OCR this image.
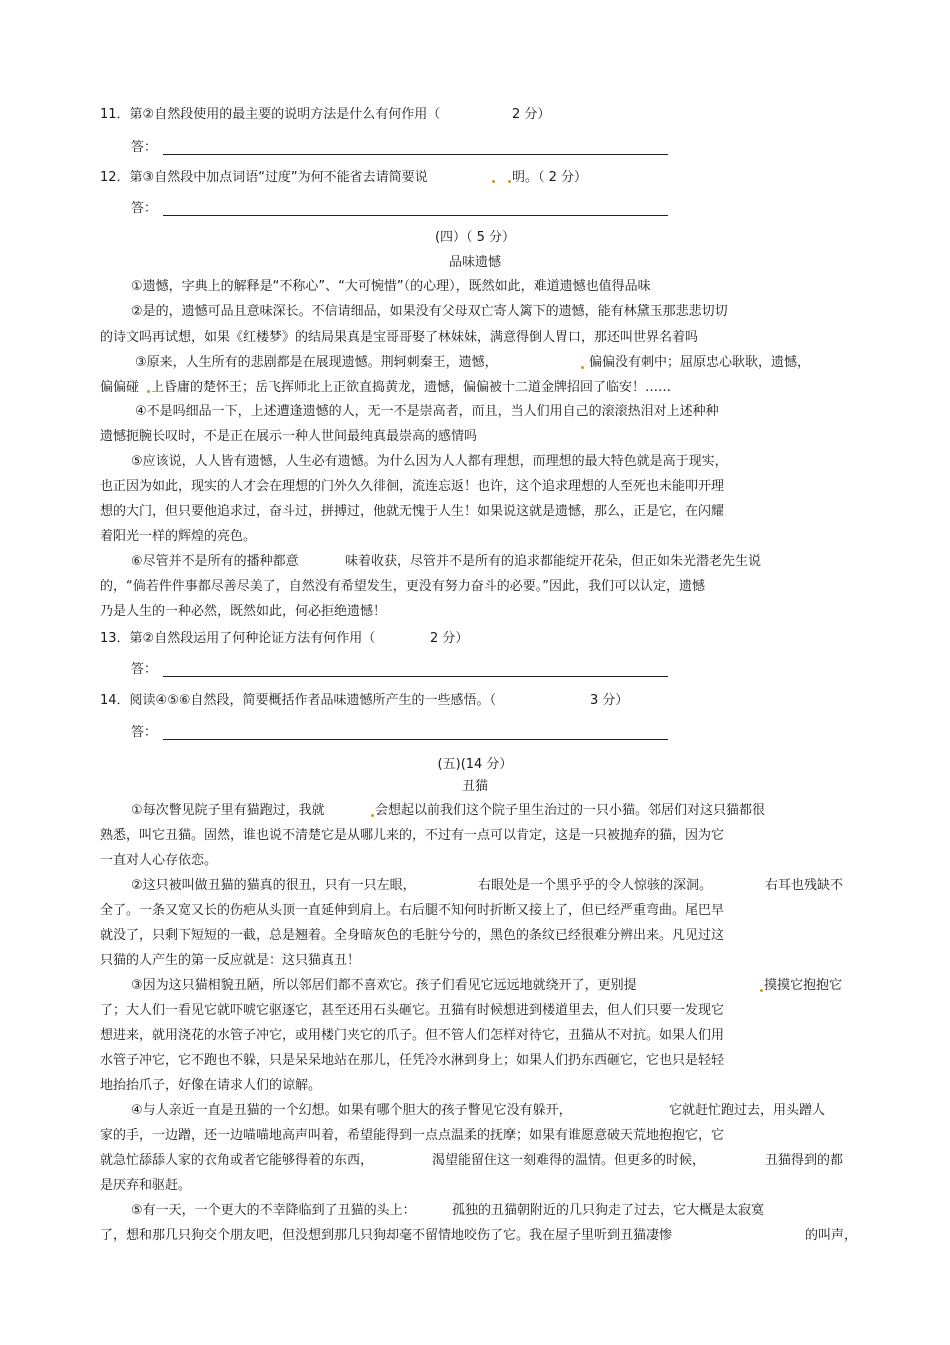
11．第②自然段使用的最主要的说明方法是什么有何作用（	2 分）
答：
12．第③自然段中加点词语“过度”为何不能省去请简要说	明。（ 2 分）
答：
(四）（ 5 分）
品味遗憾
①遗憾，字典上的解释是“不称心”、“大可惋惜”（的心理），既然如此，难道遗憾也值得品味
②是的，遗憾可品且意味深长。不信请细品，如果没有父母双亡寄人篱下的遗憾，能有林黛玉那悲悲切切
的诗文吗再试想，如果《红楼梦》的结局果真是宝哥哥娶了林妹妹，满意得倒人胃口，那还叫世界名着吗
③原来，人生所有的悲剧都是在展现遗憾。荆轲刺秦王，遗憾，	偏偏没有刺中；屈原忠心耿耿，遗憾，
偏偏碰 上昏庸的楚怀王；岳飞挥师北上正欲直捣黄龙，遗憾，偏偏被十二道金牌招回了临安！……
④不是吗细品一下，上述遭逢遗憾的人，无一不是崇高者，而且，当人们用自己的滚滚热泪对上述种种
遗憾扼腕长叹时，不是正在展示一种人世间最纯真最崇高的感情吗
⑤应该说，人人皆有遗憾，人生必有遗憾。为什么因为人人都有理想，而理想的最大特色就是高于现实，
也正因为如此，现实的人才会在理想的门外久久徘徊，流连忘返！也许，这个追求理想的人至死也未能叩开理
想的大门，但只要他追求过，奋斗过，拼搏过，他就无愧于人生！如果说这就是遗憾，那么，正是它，在闪耀
着阳光一样的辉煌的亮色。
⑥尽管并不是所有的播种都意	味着收获，尽管并不是所有的追求都能绽开花朵，但正如朱光潜老先生说
的，“倘若件件事都尽善尽美了，自然没有希望发生，更没有努力奋斗的必要。”因此，我们可以认定，遗憾
乃是人生的一种必然，既然如此，何必拒绝遗憾！
13．第②自然段运用了何种论证方法有何作用（	2 分）
答：
14．阅读④⑤⑥自然段，简要概括作者品味遗憾所产生的一些感悟。（	3 分）
答：
(五)(14 分）
丑猫
①每次瞥见院子里有猫跑过，我就	会想起以前我们这个院子里生治过的一只小猫。邻居们对这只猫都很
熟悉，叫它丑猫。固然，谁也说不清楚它是从哪儿来的，不过有一点可以肯定，这是一只被抛弃的猫，因为它
一直对人心存依恋。
②这只被叫做丑猫的猫真的很丑，只有一只左眼，	右眼处是一个黑乎乎的令人惊骇的深洞。	右耳也残缺不
全了。一条又宽又长的伤疤从头顶一直延伸到肩上。右后腿不知何时折断又接上了，但已经严重弯曲。尾巴早
就没了，只剩下短短的一截，总是翘着。全身暗灰色的毛脏兮兮的，黑色的条纹已经很难分辨出来。凡见过这
只猫的人产生的第一反应就是：这只猫真丑！
③因为这只猫相貌丑陋，所以邻居们都不喜欢它。孩子们看见它远远地就绕开了，更别提	摸摸它抱抱它
了；大人们一看见它就吓唬它驱逐它，甚至还用石头砸它。丑猫有时候想进到楼道里去，但人们只要一发现它
想进来，就用浇花的水管子冲它，或用楼门夹它的爪子。但不管人们怎样对待它，丑猫从不对抗。如果人们用
水管子冲它，它不跑也不躲，只是呆呆地站在那儿，任凭冷水淋到身上；如果人们扔东西砸它，它也只是轻轻
地抬抬爪子，好像在请求人们的谅解。
④与人亲近一直是丑猫的一个幻想。如果有哪个胆大的孩子瞥见它没有躲开，	它就赶忙跑过去，用头蹭人
家的手，一边蹭，还一边喵喵地高声叫着，希望能得到一点点温柔的抚摩；如果有谁愿意破天荒地抱抱它，它
就急忙舔舔人家的衣角或者它能够得着的东西，	渴望能留住这一刻难得的温情。但更多的时候，	丑猫得到的都
是厌弃和驱赶。
⑤有一天，一个更大的不幸降临到了丑猫的头上：	孤独的丑猫朝附近的几只狗走了过去，它大概是太寂寞
了，想和那几只狗交个朋友吧，但没想到那几只狗却毫不留情地咬伤了它。我在屋子里听到丑猫凄惨	的叫声，
